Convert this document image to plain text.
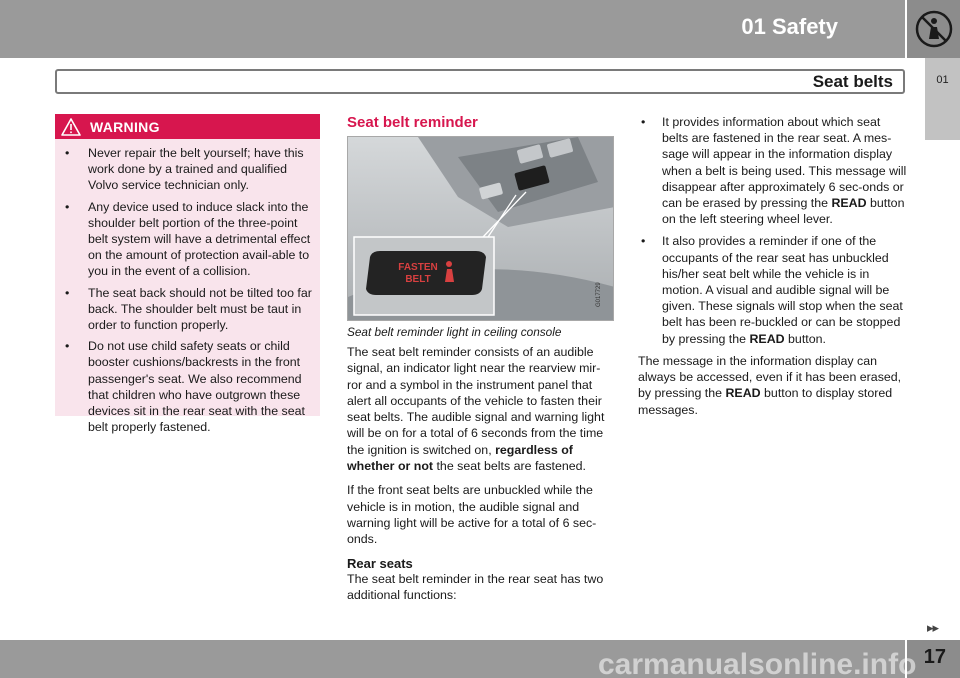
01 Safety
Seat belts	01
WARNING
• Never repair the belt yourself; have this work done by a trained and qualified Volvo service technician only.
• Any device used to induce slack into the shoulder belt portion of the three-point belt system will have a detrimental effect on the amount of protection avail-able to you in the event of a collision.
• The seat back should not be tilted too far back. The shoulder belt must be taut in order to function properly.
• Do not use child safety seats or child booster cushions/backrests in the front passenger's seat. We also recommend that children who have outgrown these devices sit in the rear seat with the seat belt properly fastened.
Seat belt reminder
FASTEN
BELT
G017729
Seat belt reminder light in ceiling console

The seat belt reminder consists of an audible signal, an indicator light near the rearview mir-ror and a symbol in the instrument panel that alert all occupants of the vehicle to fasten their seat belts. The audible signal and warning light will be on for a total of 6 seconds from the time the ignition is switched on, regardless of whether or not the seat belts are fastened.

If the front seat belts are unbuckled while the vehicle is in motion, the audible signal and warning light will be active for a total of 6 sec-onds.

Rear seats

The seat belt reminder in the rear seat has two additional functions:

• It provides information about which seat belts are fastened in the rear seat. A mes-sage will appear in the information display when a belt is being used. This message will disappear after approximately 6 sec-onds or can be erased by pressing the READ button on the left steering wheel lever.
• It also provides a reminder if one of the occupants of the rear seat has unbuckled his/her seat belt while the vehicle is in motion. A visual and audible signal will be given. These signals will stop when the seat belt has been re-buckled or can be stopped by pressing the READ button.

The message in the information display can always be accessed, even if it has been erased, by pressing the READ button to display stored messages.

▸▸
17
carmanualsonline.info
